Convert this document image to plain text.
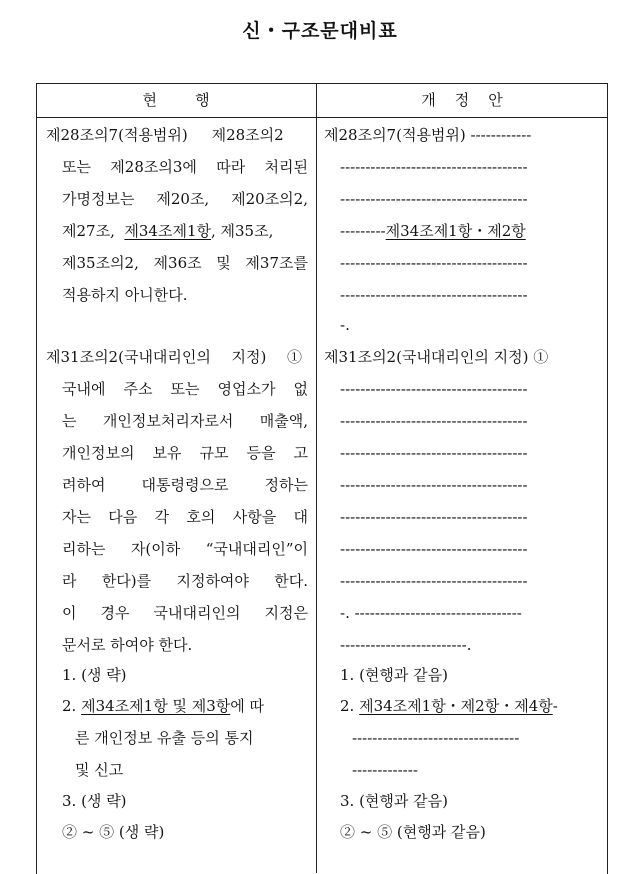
신・구조문대비표
현        행	개    정    안
제28조의7(적용범위) 제28조의2
또는 제28조의3에 따라 처리된
가명정보는 제20조, 제20조의2,
제27조, 제34조제1항, 제35조,
제35조의2, 제36조 및 제37조를
적용하지 아니한다.
제31조의2(국내대리인의 지정) ①
국내에 주소 또는 영업소가 없
는 개인정보처리자로서 매출액,
개인정보의 보유 규모 등을 고
려하여 대통령령으로 정하는
자는 다음 각 호의 사항을 대
리하는 자(이하 “국내대리인”이
라 한다)를 지정하여야 한다.
이 경우 국내대리인의 지정은
문서로 하여야 한다.
1. (생 략)
2. 제34조제1항 및 제3항에 따
른 개인정보 유출 등의 통지
및 신고
3. (생 략)
② ~ ⑤ (생 략)
제28조의7(적용범위) ------------
-------------------------------------
-------------------------------------
---------제34조제1항・제2항
-------------------------------------
-------------------------------------
-.
제31조의2(국내대리인의 지정) ①
-------------------------------------
-------------------------------------
-------------------------------------
-------------------------------------
-------------------------------------
-------------------------------------
-------------------------------------
-. ---------------------------------
-------------------------.
1. (현행과 같음)
2. 제34조제1항・제2항・제4항-
---------------------------------
-------------
3. (현행과 같음)
② ~ ⑤ (현행과 같음)
